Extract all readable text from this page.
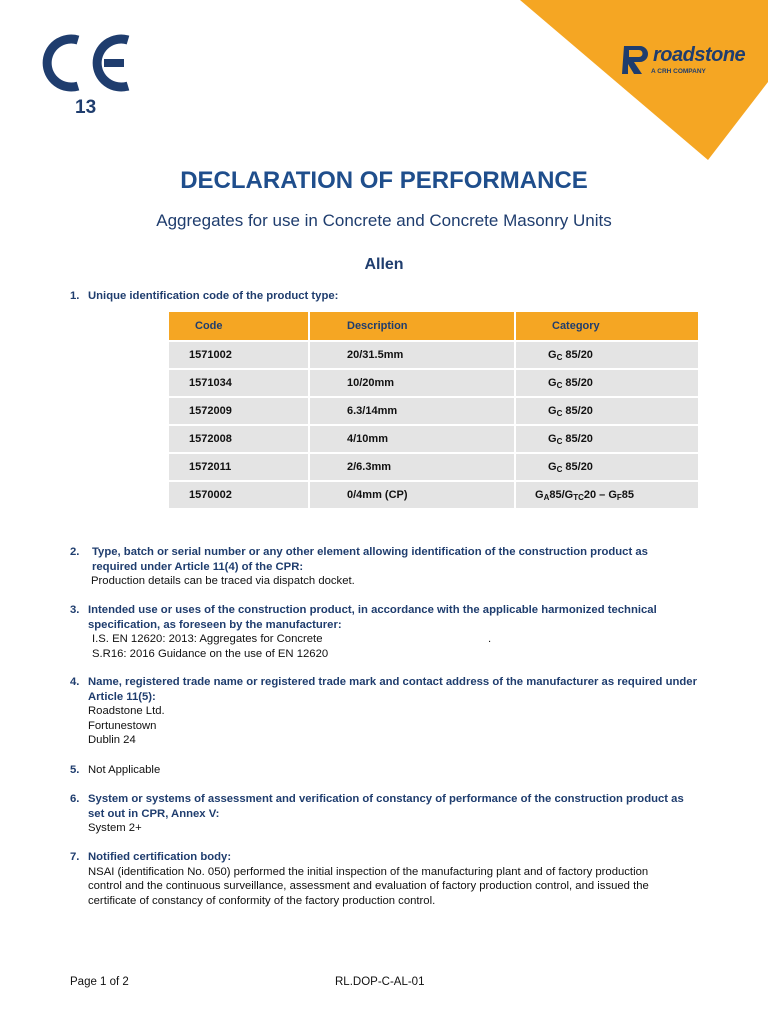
13
roadstone
A CRH COMPANY
DECLARATION OF PERFORMANCE
Aggregates for use in Concrete and Concrete Masonry Units
Allen
1. Unique identification code of the product type:
Code	Description	Category
1571002	20/31.5mm	$G_C$ 85/20
1571034	10/20mm	$G_C$ 85/20
1572009	6.3/14mm	$G_C$ 85/20
1572008	4/10mm	$G_C$ 85/20
1572011	2/6.3mm	$G_C$ 85/20
1570002	0/4mm (CP)	$G_A85/G_{TC}20 - G_F85$
2. Type, batch or serial number or any other element allowing identification of the construction product as
required under Article 11(4) of the CPR:
Production details can be traced via dispatch docket.
3. Intended use or uses of the construction product, in accordance with the applicable harmonized technical specification, as foreseen by the manufacturer:
I.S. EN 12620: 2013: Aggregates for Concrete	.
S.R16: 2016 Guidance on the use of EN 12620
4. Name, registered trade name or registered trade mark and contact address of the manufacturer as required under Article 11(5):
Roadstone Ltd.
Fortunestown
Dublin 24
5. Not Applicable
6. System or systems of assessment and verification of constancy of performance of the construction product as set out in CPR, Annex V:
System 2+
7. Notified certification body:
NSAI (identification No. 050) performed the initial inspection of the manufacturing plant and of factory production control and the continuous surveillance, assessment and evaluation of factory production control, and issued the certificate of constancy of conformity of the factory production control.
Page 1 of 2	RL.DOP-C-AL-01
